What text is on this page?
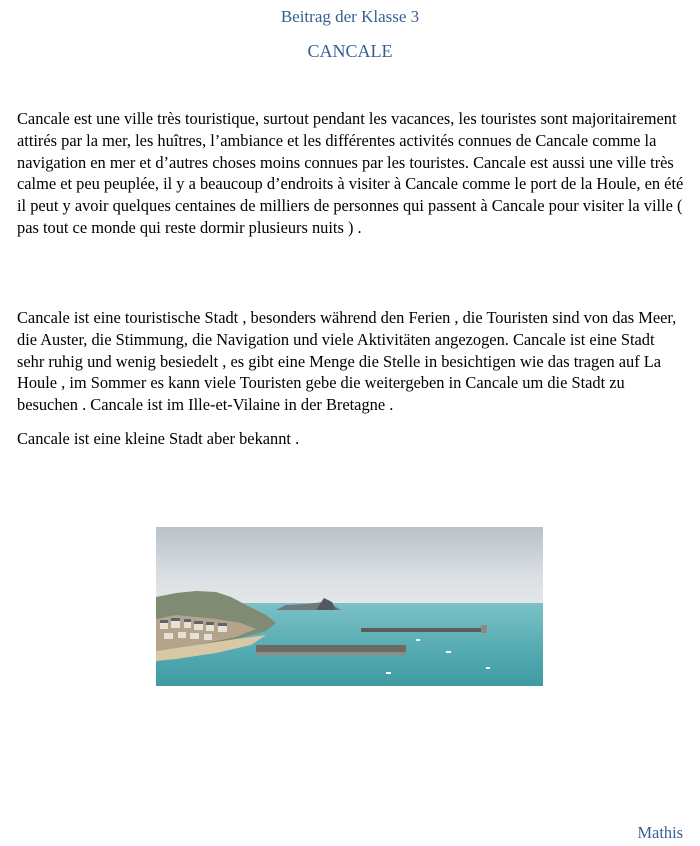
Beitrag der Klasse 3
CANCALE

Cancale est une ville très touristique, surtout pendant les vacances, les touristes sont majoritairement attirés par la mer, les huîtres, l’ambiance et les différentes activités connues de Cancale comme la navigation en mer et d’autres choses moins connues par les touristes. Cancale est aussi une ville très calme et peu peuplée, il y a beaucoup d’endroits à visiter à Cancale comme le port de la Houle, en été il peut y avoir quelques centaines de milliers de personnes qui passent à Cancale pour visiter la ville ( pas tout ce monde qui reste dormir plusieurs nuits ) .

Cancale ist eine touristische Stadt , besonders während den Ferien , die Touristen sind von das Meer, die Auster, die Stimmung, die Navigation und viele Aktivitäten angezogen. Cancale ist eine Stadt sehr ruhig und wenig besiedelt , es gibt eine Menge die Stelle in besichtigen wie das tragen auf La Houle , im Sommer es kann viele Touristen gebe die weitergeben in Cancale um die Stadt zu besuchen . Cancale ist im Ille-et-Vilaine in der Bretagne .

Cancale ist eine kleine Stadt aber bekannt .

Mathis
